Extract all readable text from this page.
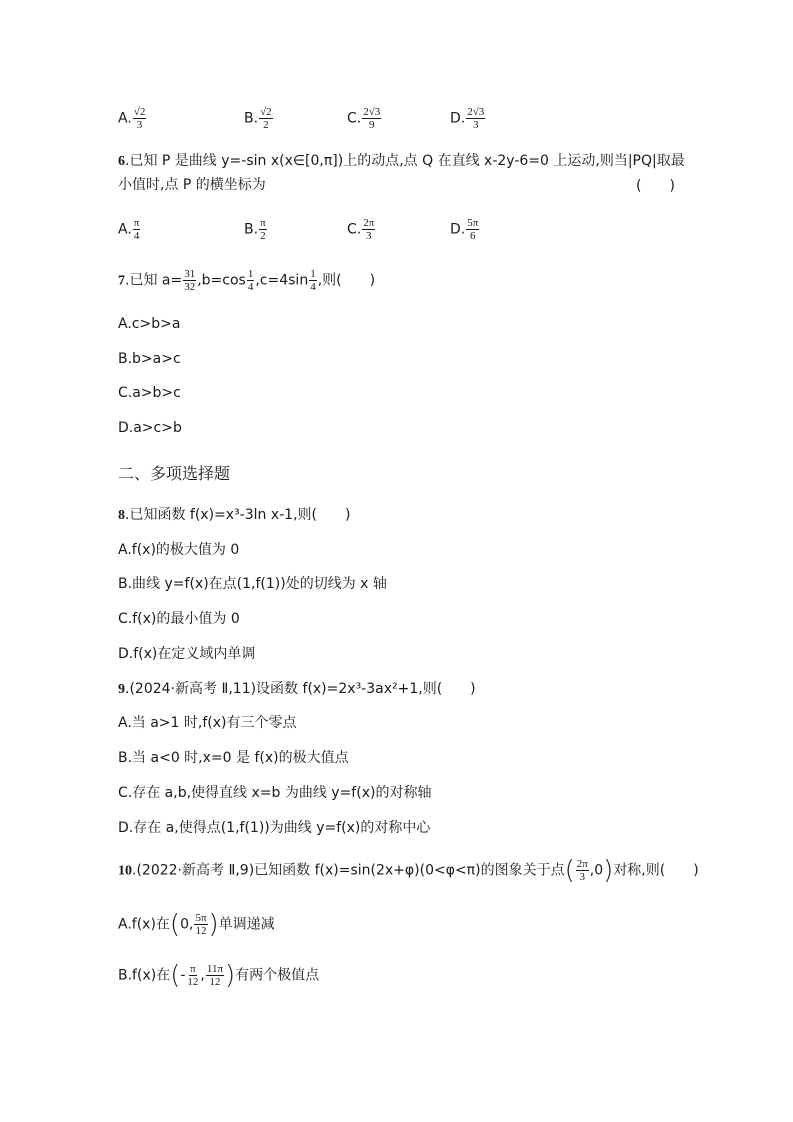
A. $\frac{√2}{3}$	B. $\frac{√2}{2}$	C. $\frac{2√3}{9}$	D. $\frac{2√3}{3}$
6.已知 P 是曲线 y=-sin x(x∈[0,π])上的动点,点 Q 在直线 x-2y-6=0 上运动,则当|PQ|取最
小值时,点 P 的横坐标为	(　　)
A. $\frac{\pi}{4}$	B. $\frac{\pi}{2}$	C. $\frac{2\pi}{3}$	D. $\frac{5\pi}{6}$
7.已知 $a= \frac{31}{32} ,b=\cos \frac{1}{4} ,c=4\sin \frac{1}{4}$ ,则(　　)
A.c>b>a
B.b>a>c
C.a>b>c
D.a>c>b
二、多项选择题
8.已知函数 f(x)=x³-3ln x-1,则(　　)
A.f(x)的极大值为 0
B.曲线 y=f(x)在点(1,f(1))处的切线为 x 轴
C.f(x)的最小值为 0
D.f(x)在定义域内单调
9.(2024·新高考 Ⅱ,11)设函数 f(x)=2x³-3ax²+1,则(　　)
A.当 a>1 时,f(x)有三个零点
B.当 a<0 时,x=0 是 f(x)的极大值点
C.存在 a,b,使得直线 x=b 为曲线 y=f(x)的对称轴
D.存在 a,使得点(1,f(1))为曲线 y=f(x)的对称中心
10.(2022·新高考 Ⅱ,9)已知函数 f(x)=sin(2x+φ)(0<φ<π)的图象关于点( $\frac{2\pi}{3} ,0$)对称,则(　　)
A.f(x)在(0, $\frac{5\pi}{12}$ )单调递减
B.f(x)在(- $\frac{\pi}{12}$ , $\frac{11\pi}{12}$ )有两个极值点
